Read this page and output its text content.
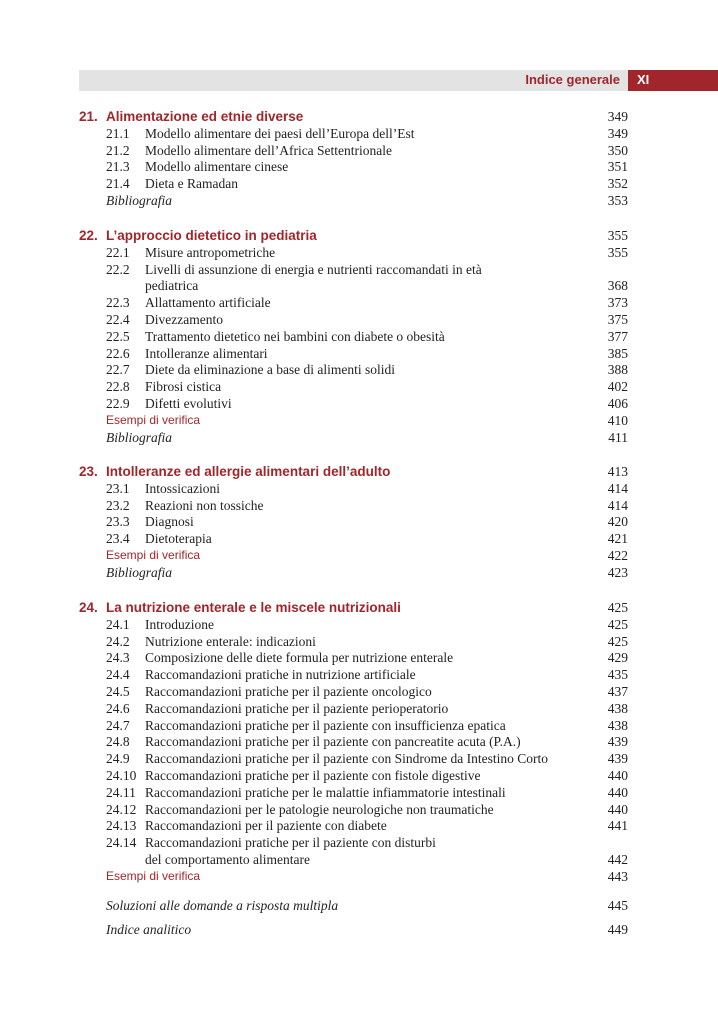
Indice generale XI
21. Alimentazione ed etnie diverse	349
21.1 Modello alimentare dei paesi dell’Europa dell’Est	349
21.2 Modello alimentare dell’Africa Settentrionale	350
21.3 Modello alimentare cinese	351
21.4 Dieta e Ramadan	352
Bibliografia	353
22. L’approccio dietetico in pediatria	355
22.1 Misure antropometriche	355
22.2 Livelli di assunzione di energia e nutrienti raccomandati in età
pediatrica	368
22.3 Allattamento artificiale	373
22.4 Divezzamento	375
22.5 Trattamento dietetico nei bambini con diabete o obesità	377
22.6 Intolleranze alimentari	385
22.7 Diete da eliminazione a base di alimenti solidi	388
22.8 Fibrosi cistica	402
22.9 Difetti evolutivi	406
Esempi di verifica	410
Bibliografia	411
23. Intolleranze ed allergie alimentari dell’adulto	413
23.1 Intossicazioni	414
23.2 Reazioni non tossiche	414
23.3 Diagnosi	420
23.4 Dietoterapia	421
Esempi di verifica	422
Bibliografia	423
24. La nutrizione enterale e le miscele nutrizionali	425
24.1 Introduzione	425
24.2 Nutrizione enterale: indicazioni	425
24.3 Composizione delle diete formula per nutrizione enterale	429
24.4 Raccomandazioni pratiche in nutrizione artificiale	435
24.5 Raccomandazioni pratiche per il paziente oncologico	437
24.6 Raccomandazioni pratiche per il paziente perioperatorio	438
24.7 Raccomandazioni pratiche per il paziente con insufficienza epatica	438
24.8 Raccomandazioni pratiche per il paziente con pancreatite acuta (P.A.)	439
24.9 Raccomandazioni pratiche per il paziente con Sindrome da Intestino Corto	439
24.10 Raccomandazioni pratiche per il paziente con fistole digestive	440
24.11 Raccomandazioni pratiche per le malattie infiammatorie intestinali	440
24.12 Raccomandazioni per le patologie neurologiche non traumatiche	440
24.13 Raccomandazioni per il paziente con diabete	441
24.14 Raccomandazioni pratiche per il paziente con disturbi
del comportamento alimentare	442
Esempi di verifica	443
Soluzioni alle domande a risposta multipla	445
Indice analitico	449
